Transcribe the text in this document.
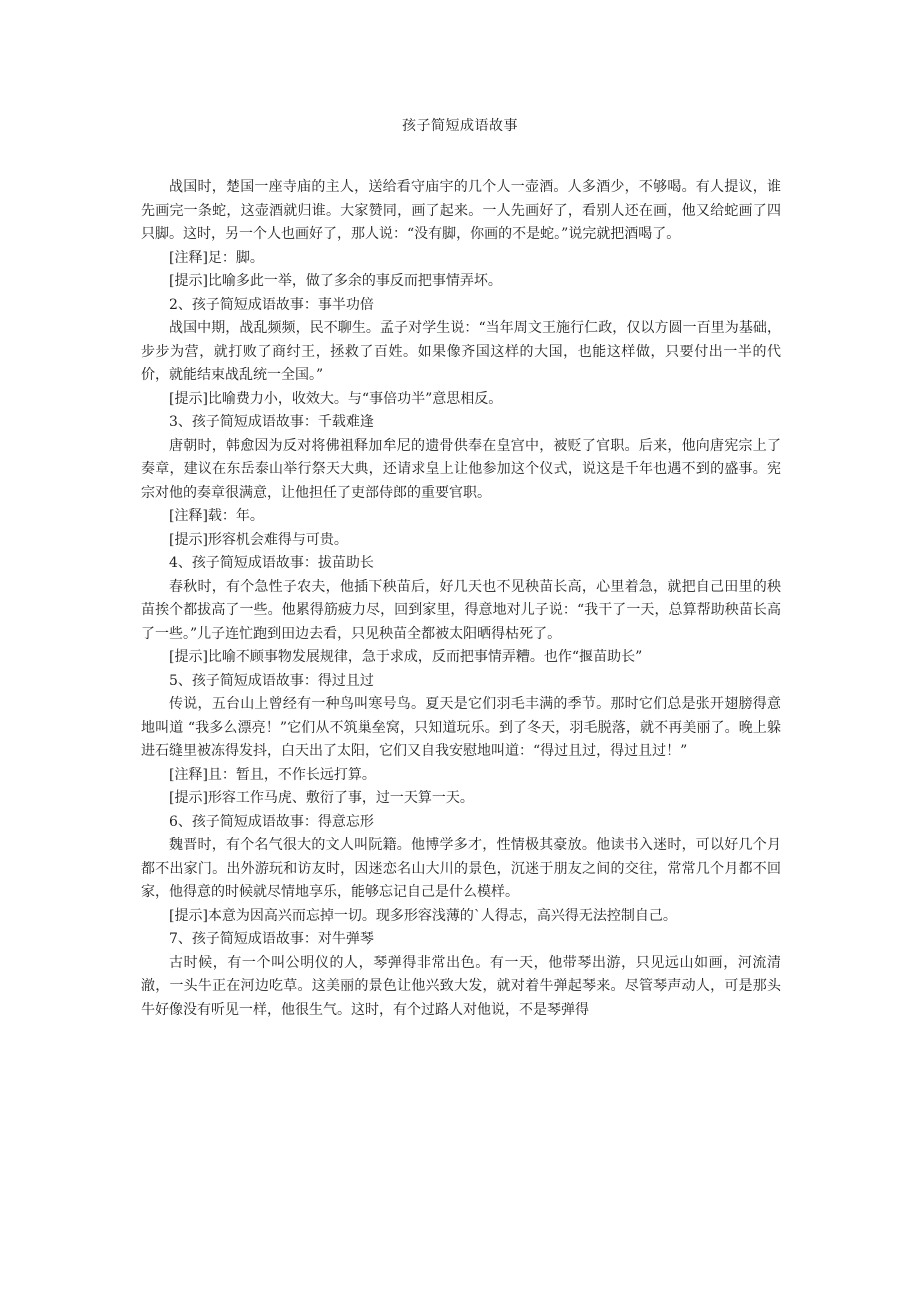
孩子简短成语故事

战国时，楚国一座寺庙的主人，送给看守庙宇的几个人一壶酒。人多酒少，不够喝。有人提议，谁先画完一条蛇，这壶酒就归谁。大家赞同，画了起来。一人先画好了，看别人还在画，他又给蛇画了四只脚。这时，另一个人也画好了，那人说：“没有脚，你画的不是蛇。”说完就把酒喝了。

[注释]足：脚。

[提示]比喻多此一举，做了多余的事反而把事情弄坏。

2、孩子简短成语故事：事半功倍

战国中期，战乱频频，民不聊生。孟子对学生说：“当年周文王施行仁政，仅以方圆一百里为基础，步步为营，就打败了商纣王，拯救了百姓。如果像齐国这样的大国，也能这样做，只要付出一半的代价，就能结束战乱统一全国。”

[提示]比喻费力小，收效大。与“事倍功半”意思相反。

3、孩子简短成语故事：千载难逢

唐朝时，韩愈因为反对将佛祖释加牟尼的遗骨供奉在皇宫中，被贬了官职。后来，他向唐宪宗上了奏章，建议在东岳泰山举行祭天大典，还请求皇上让他参加这个仪式，说这是千年也遇不到的盛事。宪宗对他的奏章很满意，让他担任了吏部侍郎的重要官职。

[注释]载：年。

[提示]形容机会难得与可贵。

4、孩子简短成语故事：拔苗助长

春秋时，有个急性子农夫，他插下秧苗后，好几天也不见秧苗长高，心里着急，就把自己田里的秧苗挨个都拔高了一些。他累得筋疲力尽，回到家里，得意地对儿子说：“我干了一天，总算帮助秧苗长高了一些。”儿子连忙跑到田边去看，只见秧苗全都被太阳晒得枯死了。

[提示]比喻不顾事物发展规律，急于求成，反而把事情弄糟。也作“揠苗助长”

5、孩子简短成语故事：得过且过

传说，五台山上曾经有一种鸟叫寒号鸟。夏天是它们羽毛丰满的季节。那时它们总是张开翅膀得意地叫道 “我多么漂亮！”它们从不筑巢垒窝，只知道玩乐。到了冬天，羽毛脱落，就不再美丽了。晚上躲进石缝里被冻得发抖，白天出了太阳，它们又自我安慰地叫道：“得过且过，得过且过！”

[注释]且：暂且，不作长远打算。

[提示]形容工作马虎、敷衍了事，过一天算一天。

6、孩子简短成语故事：得意忘形

魏晋时，有个名气很大的文人叫阮籍。他博学多才，性情极其豪放。他读书入迷时，可以好几个月都不出家门。出外游玩和访友时，因迷恋名山大川的景色，沉迷于朋友之间的交往，常常几个月都不回家，他得意的时候就尽情地享乐，能够忘记自己是什么模样。

[提示]本意为因高兴而忘掉一切。现多形容浅薄的`人得志，高兴得无法控制自己。

7、孩子简短成语故事：对牛弹琴

古时候，有一个叫公明仪的人，琴弹得非常出色。有一天，他带琴出游，只见远山如画，河流清澈，一头牛正在河边吃草。这美丽的景色让他兴致大发，就对着牛弹起琴来。尽管琴声动人，可是那头牛好像没有听见一样，他很生气。这时，有个过路人对他说，不是琴弹得
